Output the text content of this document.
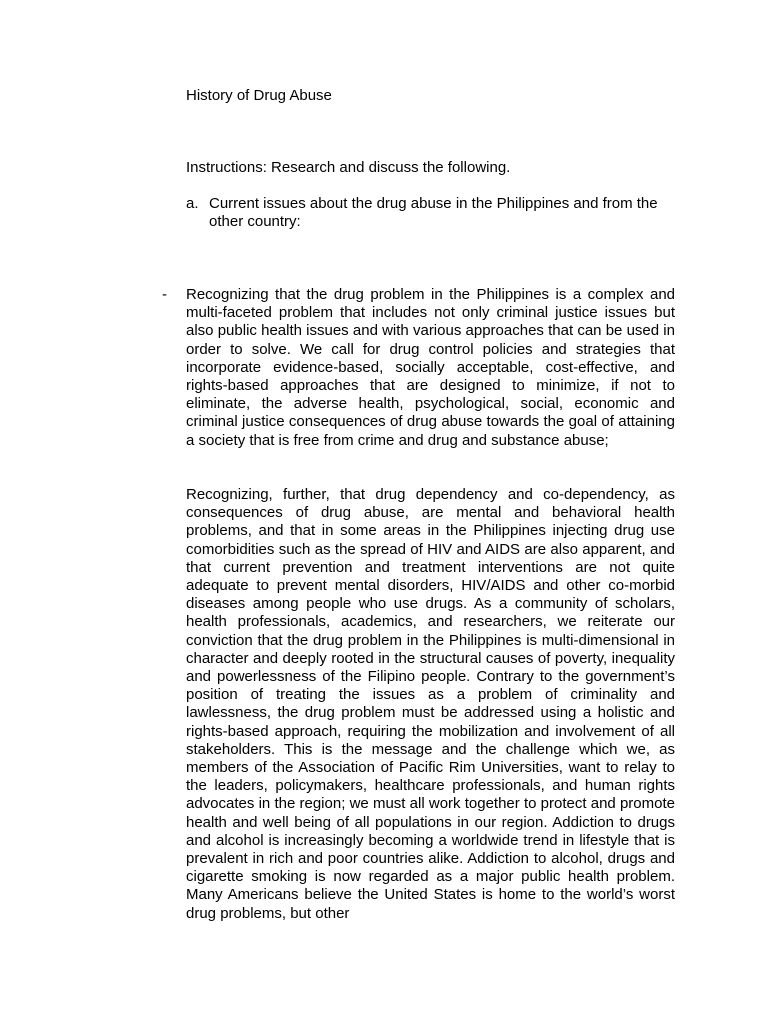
History of Drug Abuse

Instructions: Research and discuss the following.

a. Current issues about the drug abuse in the Philippines and from the other country:
- Recognizing that the drug problem in the Philippines is a complex and multi-faceted problem that includes not only criminal justice issues but also public health issues and with various approaches that can be used in order to solve. We call for drug control policies and strategies that incorporate evidence-based, socially acceptable, cost-effective, and rights-based approaches that are designed to minimize, if not to eliminate, the adverse health, psychological, social, economic and criminal justice consequences of drug abuse towards the goal of attaining a society that is free from crime and drug and substance abuse;

Recognizing, further, that drug dependency and co-dependency, as consequences of drug abuse, are mental and behavioral health problems, and that in some areas in the Philippines injecting drug use comorbidities such as the spread of HIV and AIDS are also apparent, and that current prevention and treatment interventions are not quite adequate to prevent mental disorders, HIV/AIDS and other co-morbid diseases among people who use drugs. As a community of scholars, health professionals, academics, and researchers, we reiterate our conviction that the drug problem in the Philippines is multi-dimensional in character and deeply rooted in the structural causes of poverty, inequality and powerlessness of the Filipino people. Contrary to the government’s position of treating the issues as a problem of criminality and lawlessness, the drug problem must be addressed using a holistic and rights-based approach, requiring the mobilization and involvement of all stakeholders. This is the message and the challenge which we, as members of the Association of Pacific Rim Universities, want to relay to the leaders, policymakers, healthcare professionals, and human rights advocates in the region; we must all work together to protect and promote health and well being of all populations in our region. Addiction to drugs and alcohol is increasingly becoming a worldwide trend in lifestyle that is prevalent in rich and poor countries alike. Addiction to alcohol, drugs and cigarette smoking is now regarded as a major public health problem. Many Americans believe the United States is home to the world’s worst drug problems, but other
